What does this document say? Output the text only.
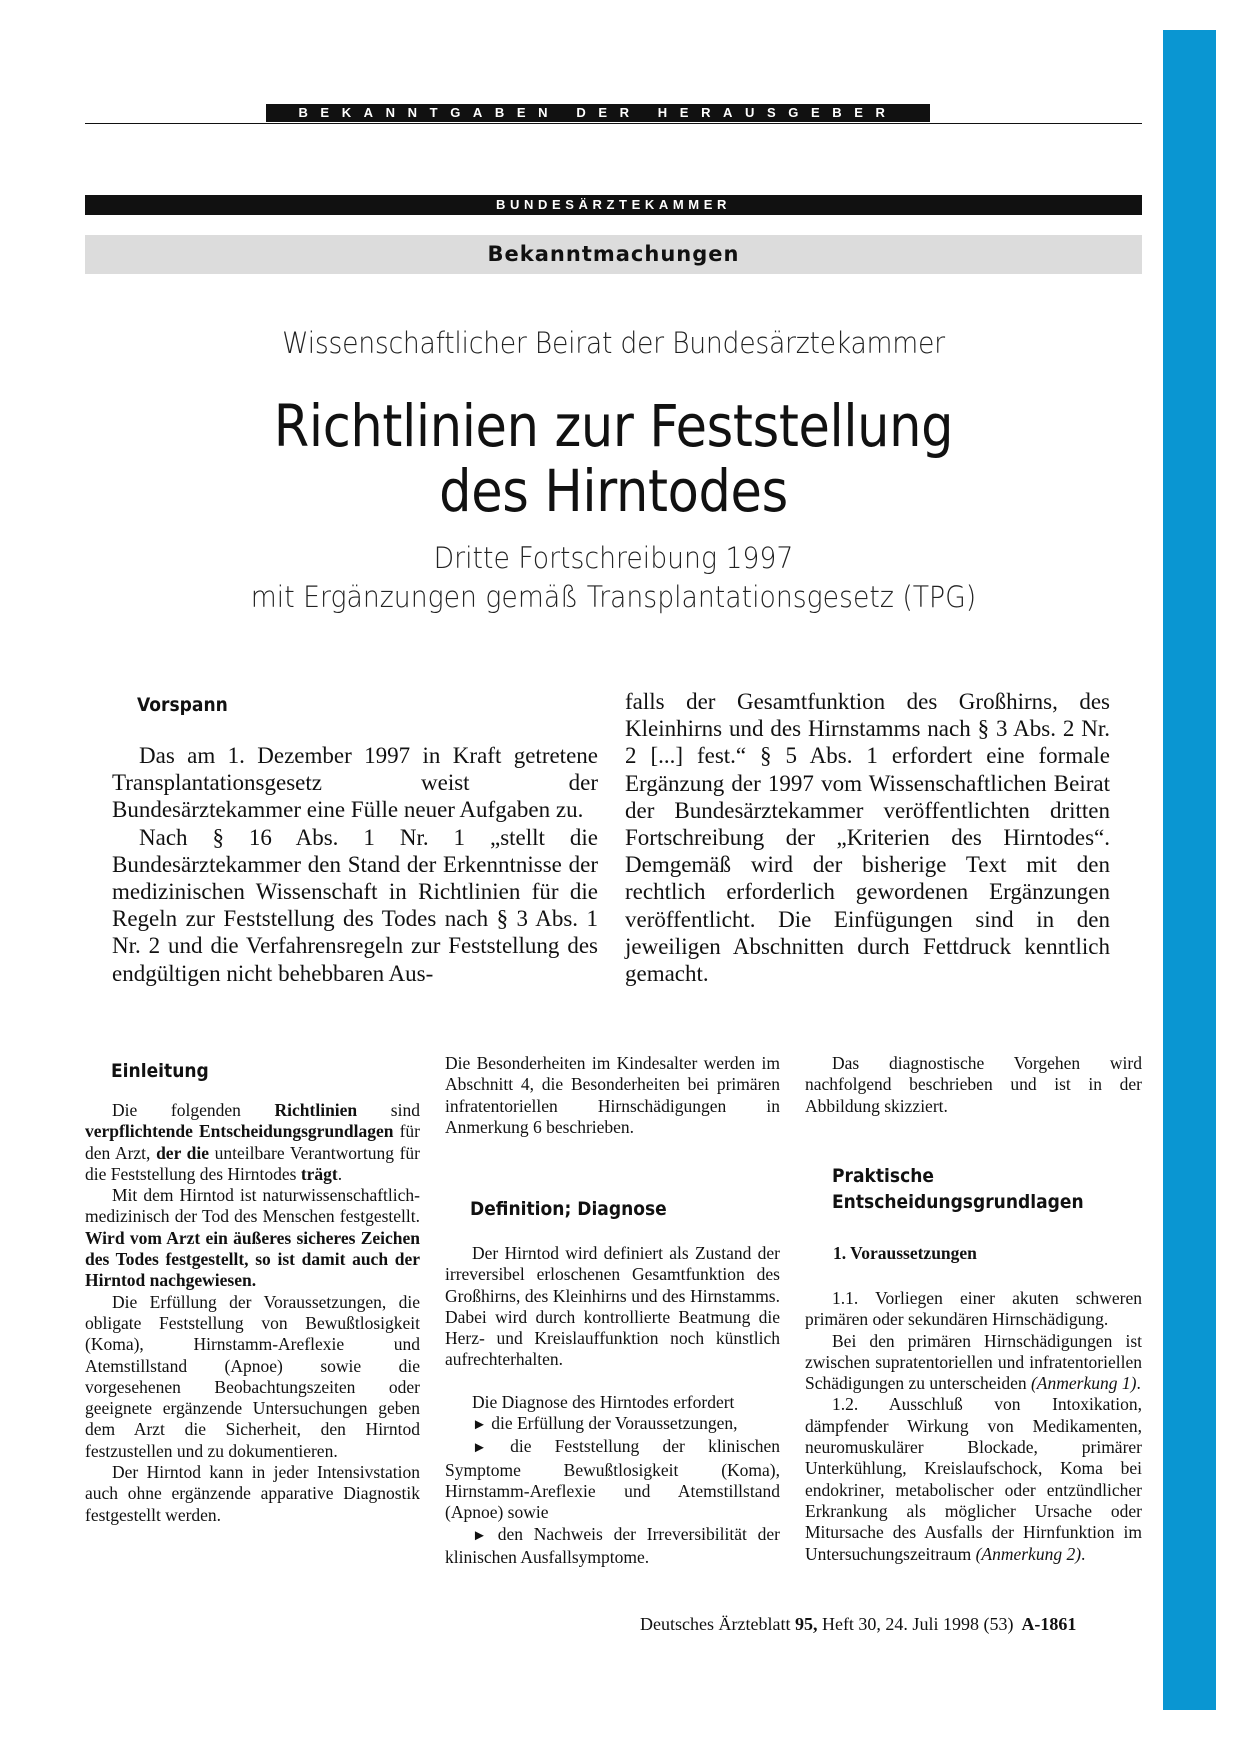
BEKANNTGABEN DER HERAUSGEBER
BUNDESÄRZTEKAMMER
Bekanntmachungen
Wissenschaftlicher Beirat der Bundesärztekammer
Richtlinien zur Feststellung
des Hirntodes
Dritte Fortschreibung 1997
mit Ergänzungen gemäß Transplantationsgesetz (TPG)
Vorspann

Das am 1. Dezember 1997 in Kraft getretene Transplantationsgesetz weist der Bundesärztekammer eine Fülle neuer Aufgaben zu.

Nach § 16 Abs. 1 Nr. 1 „stellt die Bundesärztekammer den Stand der Erkenntnisse der medizinischen Wissenschaft in Richtlinien für die Regeln zur Feststellung des Todes nach § 3 Abs. 1 Nr. 2 und die Verfahrensregeln zur Feststellung des endgültigen nicht behebbaren Aus-

falls der Gesamtfunktion des Großhirns, des Kleinhirns und des Hirnstamms nach § 3 Abs. 2 Nr. 2 [...] fest.“ § 5 Abs. 1 erfordert eine formale Ergänzung der 1997 vom Wissenschaftlichen Beirat der Bundesärztekammer veröffentlichten dritten Fortschreibung der „Kriterien des Hirntodes“. Demgemäß wird der bisherige Text mit den rechtlich erforderlich gewordenen Ergänzungen veröffentlicht. Die Einfügungen sind in den jeweiligen Abschnitten durch Fettdruck kenntlich gemacht.

Einleitung

Die folgenden Richtlinien sind verpflichtende Entscheidungsgrundlagen für den Arzt, der die unteilbare Verantwortung für die Feststellung des Hirntodes trägt.

Mit dem Hirntod ist naturwissenschaftlich-medizinisch der Tod des Menschen festgestellt. Wird vom Arzt ein äußeres sicheres Zeichen des Todes festgestellt, so ist damit auch der Hirntod nachgewiesen.

Die Erfüllung der Voraussetzungen, die obligate Feststellung von Bewußtlosigkeit (Koma), Hirnstamm-Areflexie und Atemstillstand (Apnoe) sowie die vorgesehenen Beobachtungszeiten oder geeignete ergänzende Untersuchungen geben dem Arzt die Sicherheit, den Hirntod festzustellen und zu dokumentieren.

Der Hirntod kann in jeder Intensivstation auch ohne ergänzende apparative Diagnostik festgestellt werden.

Die Besonderheiten im Kindesalter werden im Abschnitt 4, die Besonderheiten bei primären infratentoriellen Hirnschädigungen in Anmerkung 6 beschrieben.

Definition; Diagnose

Der Hirntod wird definiert als Zustand der irreversibel erloschenen Gesamtfunktion des Großhirns, des Kleinhirns und des Hirnstamms. Dabei wird durch kontrollierte Beatmung die Herz- und Kreislauffunktion noch künstlich aufrechterhalten.

Die Diagnose des Hirntodes erfordert

► die Erfüllung der Voraussetzungen,

► die Feststellung der klinischen Symptome Bewußtlosigkeit (Koma), Hirnstamm-Areflexie und Atemstillstand (Apnoe) sowie

► den Nachweis der Irreversibilität der klinischen Ausfallsymptome.

Das diagnostische Vorgehen wird nachfolgend beschrieben und ist in der Abbildung skizziert.

Praktische
Entscheidungsgrundlagen
1. Voraussetzungen

1.1. Vorliegen einer akuten schweren primären oder sekundären Hirnschädigung.

Bei den primären Hirnschädigungen ist zwischen supratentoriellen und infratentoriellen Schädigungen zu unterscheiden (Anmerkung 1).

1.2. Ausschluß von Intoxikation, dämpfender Wirkung von Medikamenten, neuromuskulärer Blockade, primärer Unterkühlung, Kreislaufschock, Koma bei endokriner, metabolischer oder entzündlicher Erkrankung als möglicher Ursache oder Mitursache des Ausfalls der Hirnfunktion im Untersuchungszeitraum (Anmerkung 2).

Deutsches Ärzteblatt 95, Heft 30, 24. Juli 1998 (53) A-1861
